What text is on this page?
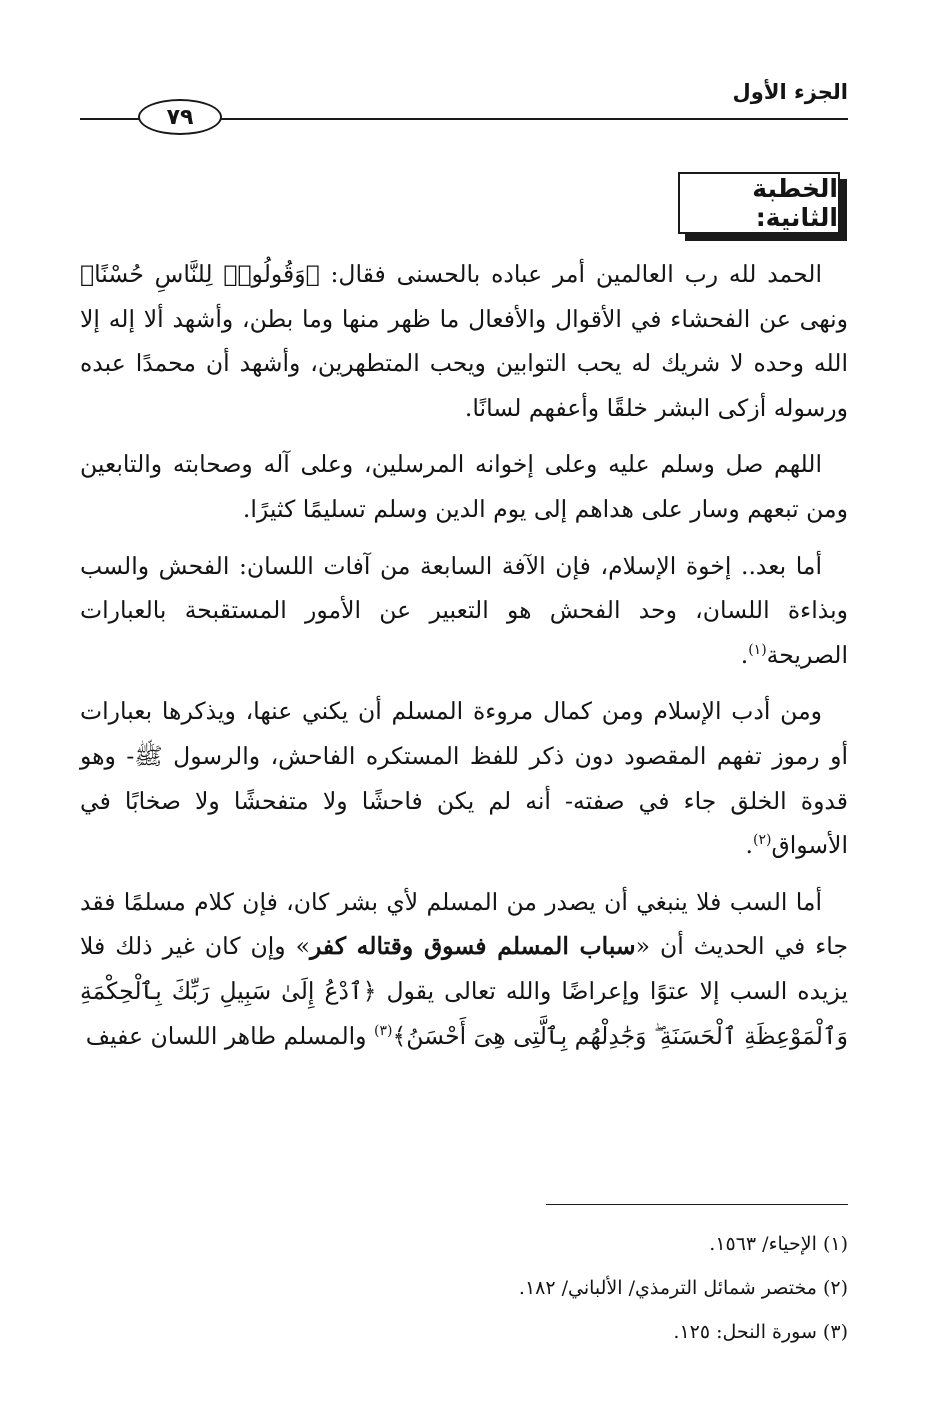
الجزء الأول
٧٩
الخطبة الثانية:

الحمد لله رب العالمين أمر عباده بالحسنى فقال: ﴿وَقُولُوا۟ لِلنَّاسِ حُسْنًا﴾ ونهى عن الفحشاء في الأقوال والأفعال ما ظهر منها وما بطن، وأشهد ألا إله إلا الله وحده لا شريك له يحب التوابين ويحب المتطهرين، وأشهد أن محمدًا عبده ورسوله أزكى البشر خلقًا وأعفهم لسانًا.

اللهم صل وسلم عليه وعلى إخوانه المرسلين، وعلى آله وصحابته والتابعين ومن تبعهم وسار على هداهم إلى يوم الدين وسلم تسليمًا كثيرًا.

أما بعد.. إخوة الإسلام، فإن الآفة السابعة من آفات اللسان: الفحش والسب وبذاءة اللسان، وحد الفحش هو التعبير عن الأمور المستقبحة بالعبارات الصريحة$^{(١)}$.

ومن أدب الإسلام ومن كمال مروءة المسلم أن يكني عنها، ويذكرها بعبارات أو رموز تفهم المقصود دون ذكر للفظ المستكره الفاحش، والرسول ﷺ- وهو قدوة الخلق جاء في صفته- أنه لم يكن فاحشًا ولا متفحشًا ولا صخابًا في الأسواق$^{(٢)}$.

أما السب فلا ينبغي أن يصدر من المسلم لأي بشر كان، فإن كلام مسلمًا فقد جاء في الحديث أن «سباب المسلم فسوق وقتاله كفر» وإن كان غير ذلك فلا يزيده السب إلا عتوًا وإعراضًا والله تعالى يقول ﴿ٱدْعُ إِلَىٰ سَبِيلِ رَبِّكَ بِٱلْحِكْمَةِ وَٱلْمَوْعِظَةِ ٱلْحَسَنَةِ ۖ وَجَٰدِلْهُم بِٱلَّتِى هِىَ أَحْسَنُ﴾$^{(٣)}$ والمسلم طاهر اللسان عفيف

(١) الإحياء/ ١٥٦٣.
(٢) مختصر شمائل الترمذي/ الألباني/ ١٨٢.
(٣) سورة النحل: ١٢٥.
